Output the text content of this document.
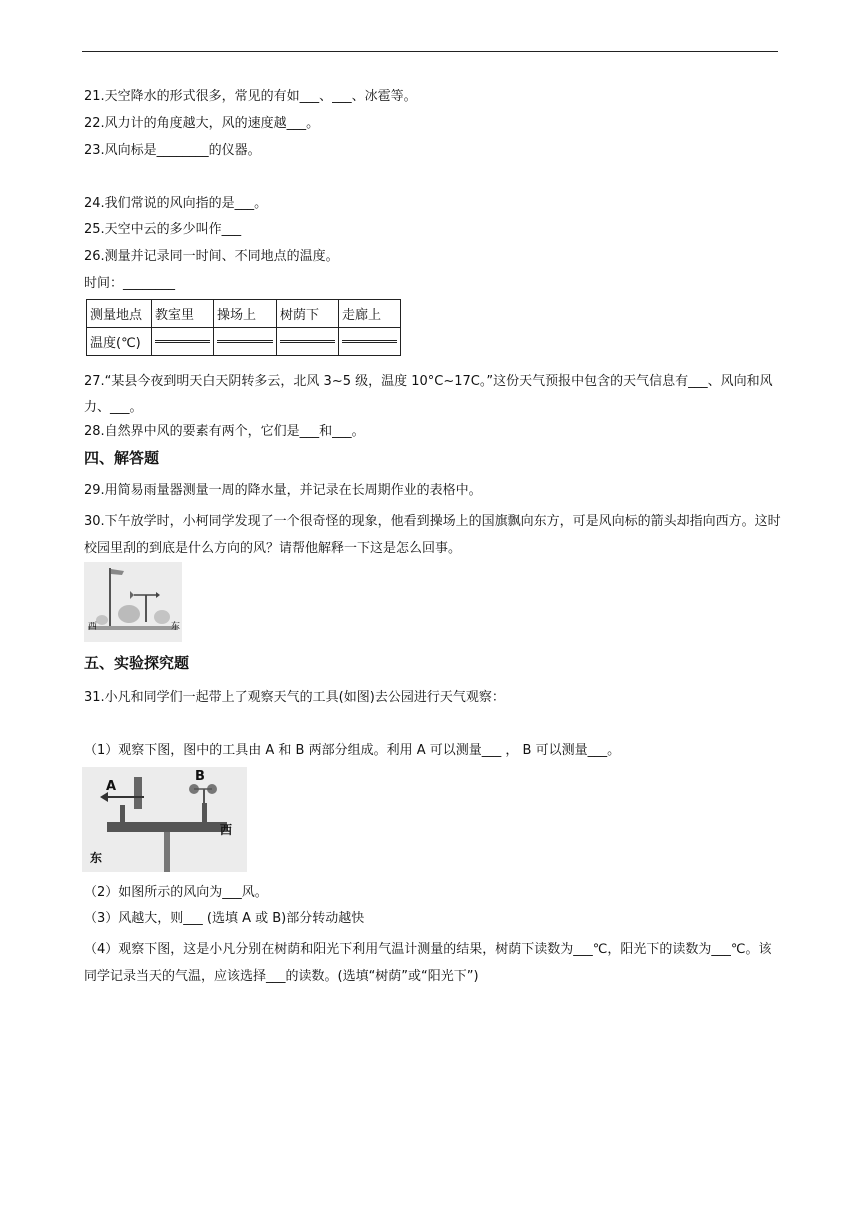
21.天空降水的形式很多，常见的有如___、___、冰雹等。
22.风力计的角度越大，风的速度越___。
23.风向标是________的仪器。
24.我们常说的风向指的是___。
25.天空中云的多少叫作___
26.测量并记录同一时间、不同地点的温度。
时间：________
测量地点	教室里	操场上	树荫下	走廊上
温度(℃)	

27.“某县今夜到明天白天阴转多云，北风 3~5 级，温度 10°C~17C。”这份天气预报中包含的天气信息有___、风向和风力、___。
28.自然界中风的要素有两个，它们是___和___。
四、解答题
29.用简易雨量器测量一周的降水量，并记录在长周期作业的表格中。
30.下午放学时，小柯同学发现了一个很奇怪的现象，他看到操场上的国旗飘向东方，可是风向标的箭头却指向西方。这时校园里刮的到底是什么方向的风？请帮他解释一下这是怎么回事。
西	东
五、实验探究题
31.小凡和同学们一起带上了观察天气的工具(如图)去公园进行天气观察：
（1）观察下图，图中的工具由 A 和 B 两部分组成。利用 A 可以测量___ ， B 可以测量___。
A
B
西
东
（2）如图所示的风向为___风。
（3）风越大，则___ (选填 A 或 B)部分转动越快
（4）观察下图，这是小凡分别在树荫和阳光下利用气温计测量的结果，树荫下读数为___℃，阳光下的读数为___℃。该同学记录当天的气温，应该选择___的读数。(选填“树荫”或“阳光下”)
